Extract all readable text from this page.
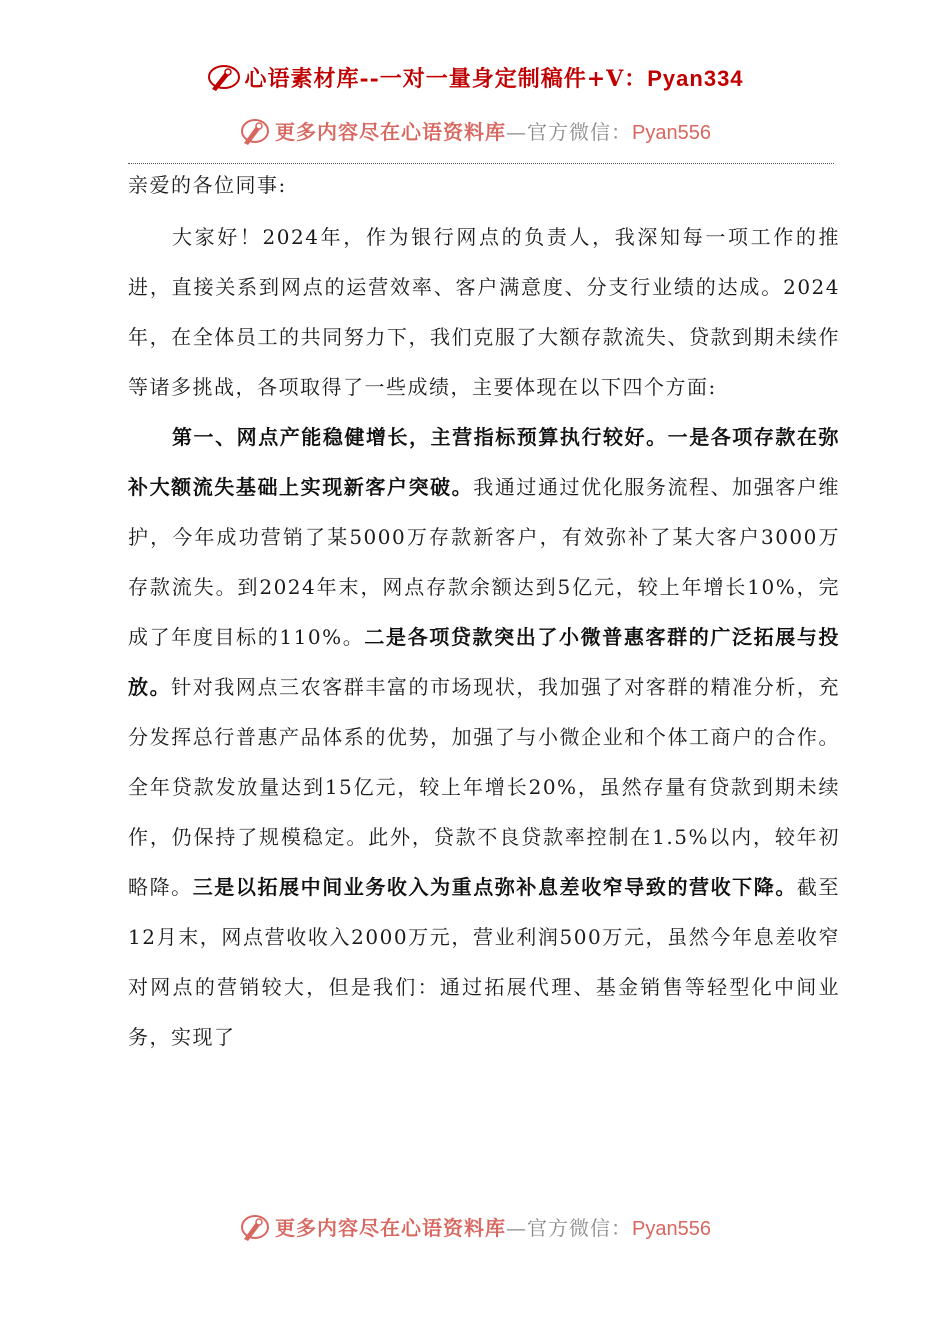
心语素材库--一对一量身定制稿件+V：Pyan334
更多内容尽在心语资料库—官方微信：Pyan556

亲爱的各位同事:

大家好！2024年，作为银行网点的负责人，我深知每一项工作的推进，直接关系到网点的运营效率、客户满意度、分支行业绩的达成。2024年，在全体员工的共同努力下，我们克服了大额存款流失、贷款到期未续作等诸多挑战，各项取得了一些成绩，主要体现在以下四个方面:

第一、网点产能稳健增长，主营指标预算执行较好。一是各项存款在弥补大额流失基础上实现新客户突破。我通过通过优化服务流程、加强客户维护，今年成功营销了某5000万存款新客户，有效弥补了某大客户3000万存款流失。到2024年末，网点存款余额达到5亿元，较上年增长10%，完成了年度目标的110%。二是各项贷款突出了小微普惠客群的广泛拓展与投放。针对我网点三农客群丰富的市场现状，我加强了对客群的精准分析，充分发挥总行普惠产品体系的优势，加强了与小微企业和个体工商户的合作。全年贷款发放量达到15亿元，较上年增长20%，虽然存量有贷款到期未续作，仍保持了规模稳定。此外，贷款不良贷款率控制在1.5%以内，较年初略降。三是以拓展中间业务收入为重点弥补息差收窄导致的营收下降。截至12月末，网点营收收入2000万元，营业利润500万元，虽然今年息差收窄对网点的营销较大，但是我们：通过拓展代理、基金销售等轻型化中间业务，实现了

更多内容尽在心语资料库—官方微信：Pyan556
